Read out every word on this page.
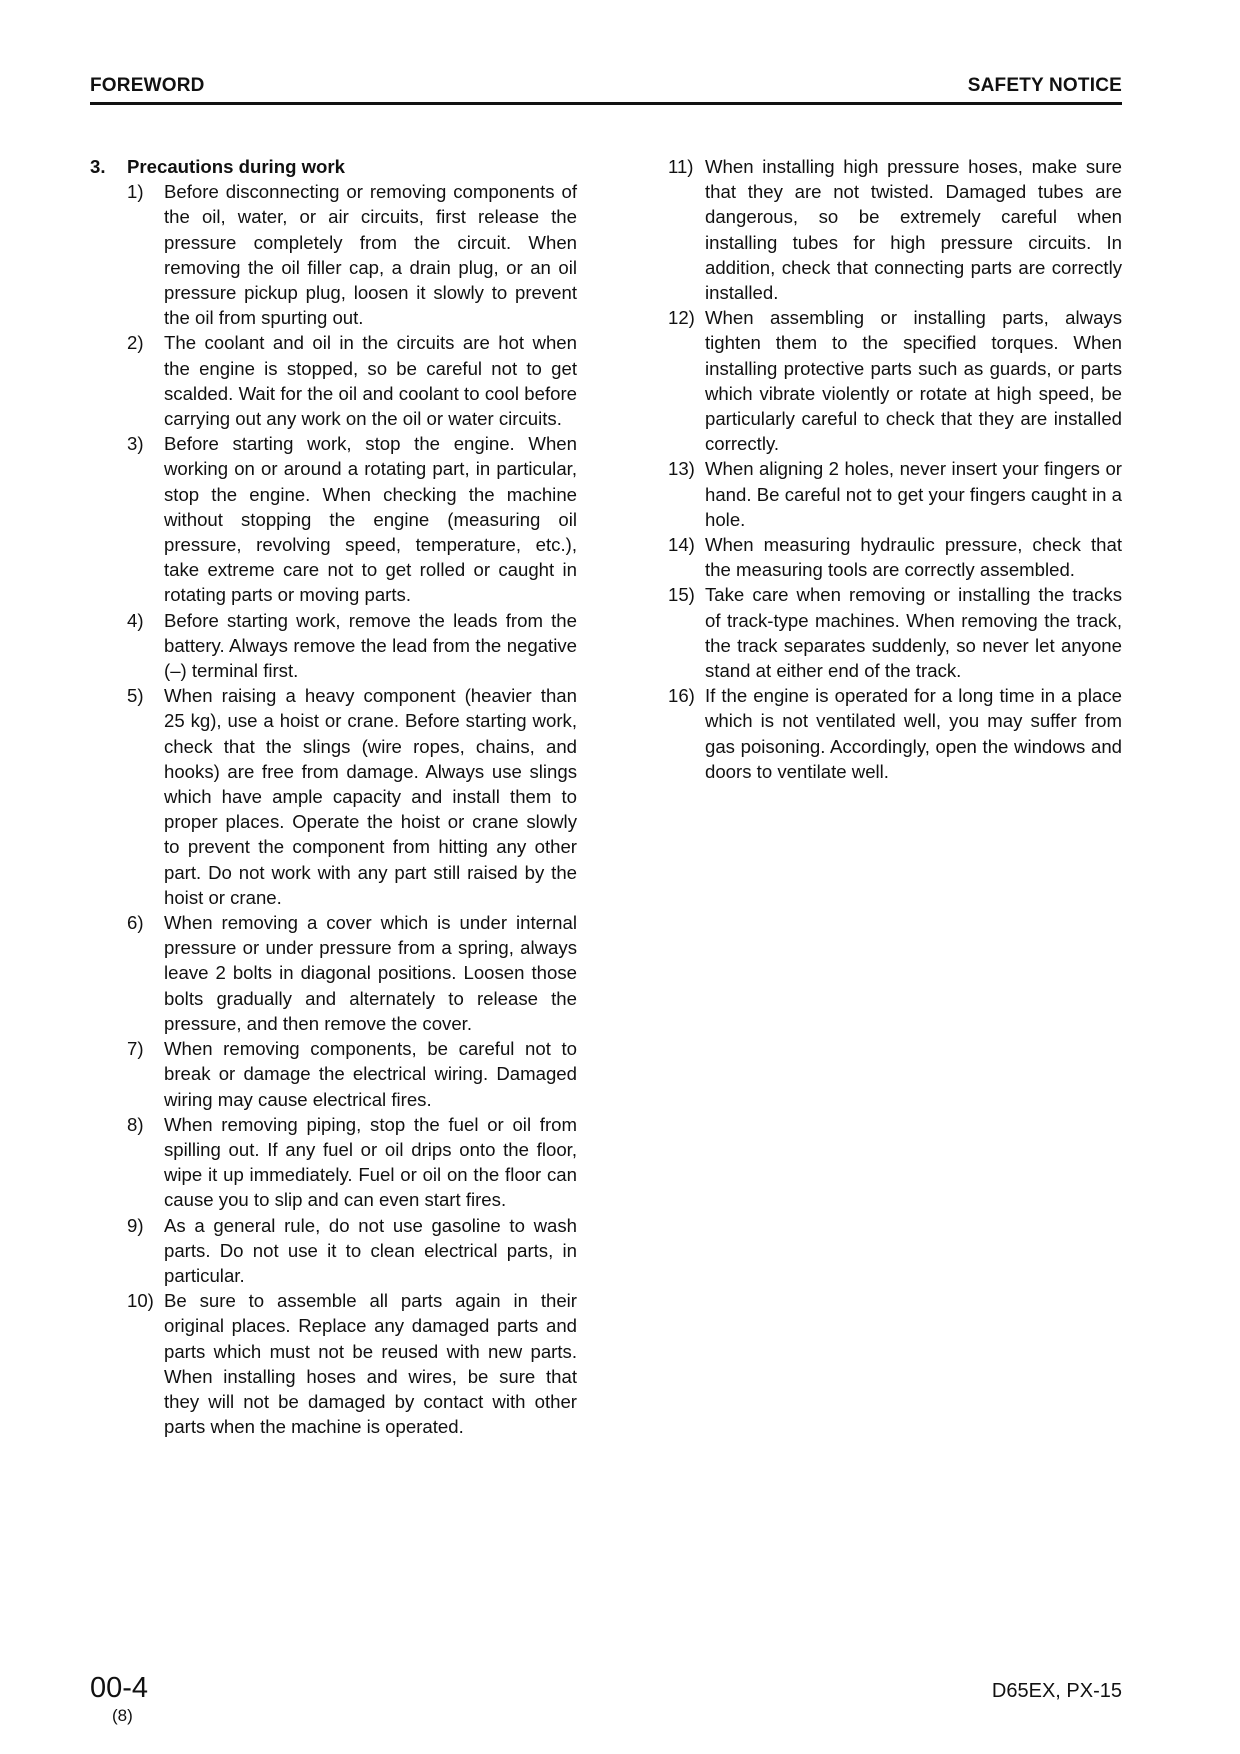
FOREWORD	SAFETY NOTICE
3. Precautions during work
1) Before disconnecting or removing components of the oil, water, or air circuits, first release the pressure completely from the circuit. When removing the oil filler cap, a drain plug, or an oil pressure pickup plug, loosen it slowly to prevent the oil from spurting out.
2) The coolant and oil in the circuits are hot when the engine is stopped, so be careful not to get scalded. Wait for the oil and coolant to cool before carrying out any work on the oil or water circuits.
3) Before starting work, stop the engine. When working on or around a rotating part, in particular, stop the engine. When checking the machine without stopping the engine (measuring oil pressure, revolving speed, temperature, etc.), take extreme care not to get rolled or caught in rotating parts or moving parts.
4) Before starting work, remove the leads from the battery. Always remove the lead from the negative (–) terminal first.
5) When raising a heavy component (heavier than 25 kg), use a hoist or crane. Before starting work, check that the slings (wire ropes, chains, and hooks) are free from damage. Always use slings which have ample capacity and install them to proper places. Operate the hoist or crane slowly to prevent the component from hitting any other part. Do not work with any part still raised by the hoist or crane.
6) When removing a cover which is under internal pressure or under pressure from a spring, always leave 2 bolts in diagonal positions. Loosen those bolts gradually and alternately to release the pressure, and then remove the cover.
7) When removing components, be careful not to break or damage the electrical wiring. Damaged wiring may cause electrical fires.
8) When removing piping, stop the fuel or oil from spilling out. If any fuel or oil drips onto the floor, wipe it up immediately. Fuel or oil on the floor can cause you to slip and can even start fires.
9) As a general rule, do not use gasoline to wash parts. Do not use it to clean electrical parts, in particular.
10) Be sure to assemble all parts again in their original places. Replace any damaged parts and parts which must not be reused with new parts. When installing hoses and wires, be sure that they will not be damaged by contact with other parts when the machine is operated.
11) When installing high pressure hoses, make sure that they are not twisted. Damaged tubes are dangerous, so be extremely careful when installing tubes for high pressure circuits. In addition, check that connecting parts are correctly installed.
12) When assembling or installing parts, always tighten them to the specified torques. When installing protective parts such as guards, or parts which vibrate violently or rotate at high speed, be particularly careful to check that they are installed correctly.
13) When aligning 2 holes, never insert your fingers or hand. Be careful not to get your fingers caught in a hole.
14) When measuring hydraulic pressure, check that the measuring tools are correctly assembled.
15) Take care when removing or installing the tracks of track-type machines. When removing the track, the track separates suddenly, so never let anyone stand at either end of the track.
16) If the engine is operated for a long time in a place which is not ventilated well, you may suffer from gas poisoning. Accordingly, open the windows and doors to ventilate well.
00-4
(8)
D65EX, PX-15
